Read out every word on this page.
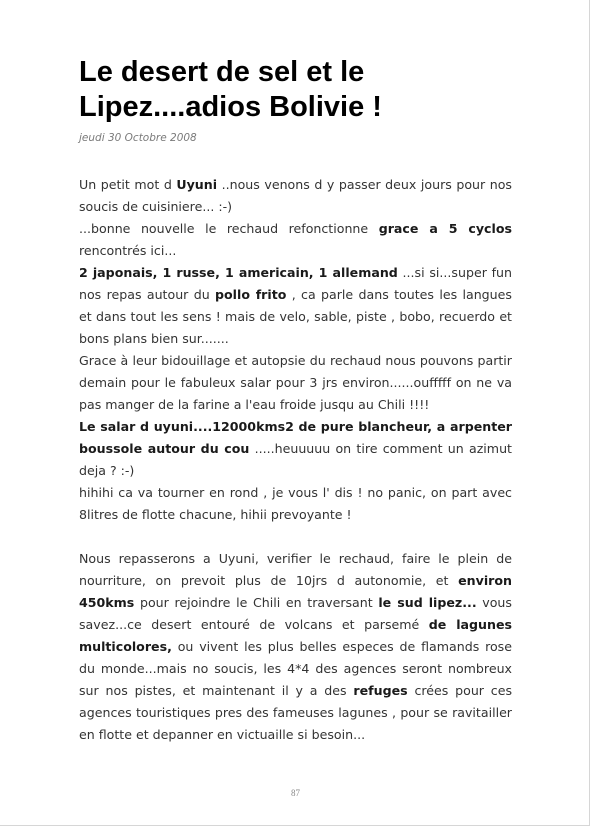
Le desert de sel et le
Lipez....adios Bolivie !

jeudi 30 Octobre 2008

Un petit mot d Uyuni ..nous venons d y passer deux jours pour nos soucis de cuisiniere... :-)

...bonne nouvelle le rechaud refonctionne grace a 5 cyclos rencontrés ici...

2 japonais, 1 russe, 1 americain, 1 allemand ...si si...super fun nos repas autour du pollo frito , ca parle dans toutes les langues et dans tout les sens ! mais de velo, sable, piste , bobo, recuerdo et bons plans bien sur.......

Grace à leur bidouillage et autopsie du rechaud nous pouvons partir demain pour le fabuleux salar pour 3 jrs environ......oufffff on ne va pas manger de la farine a l'eau froide jusqu au Chili !!!!

Le salar d uyuni....12000kms2 de pure blancheur, a arpenter boussole autour du cou .....heuuuuu on tire comment un azimut deja ? :-)

hihihi ca va tourner en rond , je vous l' dis ! no panic, on part avec 8litres de flotte chacune, hihii prevoyante !

Nous repasserons a Uyuni, verifier le rechaud, faire le plein de nourriture, on prevoit plus de 10jrs d autonomie, et environ 450kms pour rejoindre le Chili en traversant le sud lipez... vous savez...ce desert entouré de volcans et parsemé de lagunes multicolores, ou vivent les plus belles especes de flamands rose du monde...mais no soucis, les 4*4 des agences seront nombreux sur nos pistes, et maintenant il y a des refuges crées pour ces agences touristiques pres des fameuses lagunes , pour se ravitailler en flotte et depanner en victuaille si besoin...

87
